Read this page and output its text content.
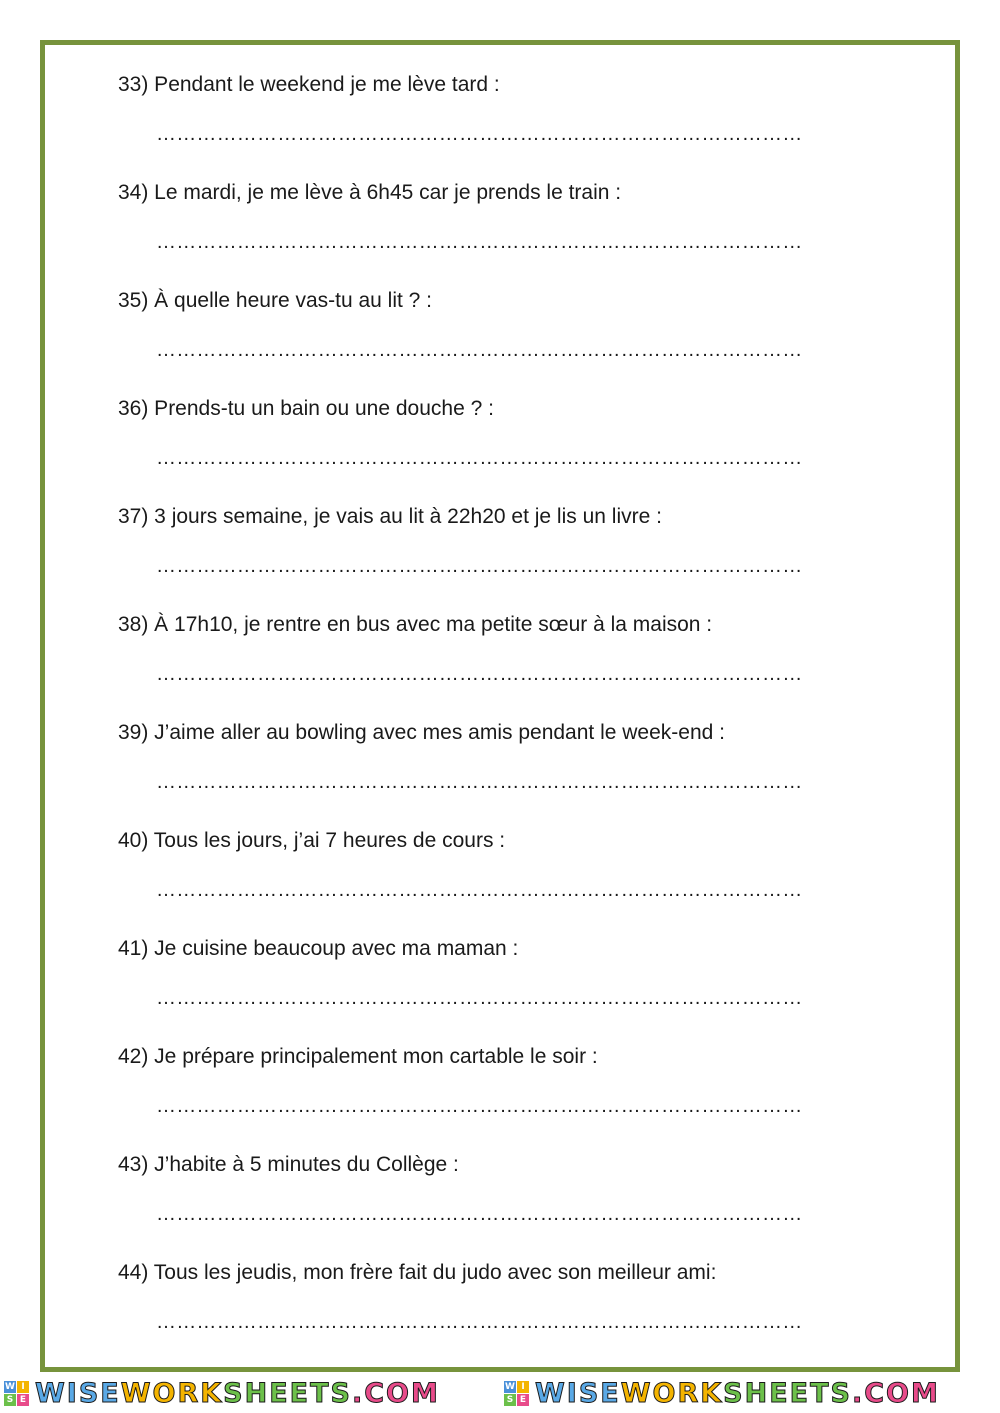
33) Pendant le weekend je me lève tard :
……………………………………………………………………………………
34) Le mardi, je me lève à 6h45 car je prends le train :
……………………………………………………………………………………
35) À quelle heure vas-tu au lit ? :
……………………………………………………………………………………
36) Prends-tu un bain ou une douche ? :
……………………………………………………………………………………
37) 3 jours semaine, je vais au lit à 22h20 et je lis un livre :
……………………………………………………………………………………
38) À 17h10, je rentre en bus avec ma petite sœur à la maison :
……………………………………………………………………………………
39) J’aime aller au bowling avec mes amis pendant le week-end :
……………………………………………………………………………………
40) Tous les jours, j’ai 7 heures de cours :
……………………………………………………………………………………
41) Je cuisine beaucoup avec ma maman :
……………………………………………………………………………………
42) Je prépare principalement mon cartable le soir :
……………………………………………………………………………………
43) J’habite à 5 minutes du Collège :
……………………………………………………………………………………
44) Tous les jeudis, mon frère fait du judo avec son meilleur ami:
……………………………………………………………………………………
W I
S E WISEWORKSHEETS.COM	W I
S E WISEWORKSHEETS.COM
